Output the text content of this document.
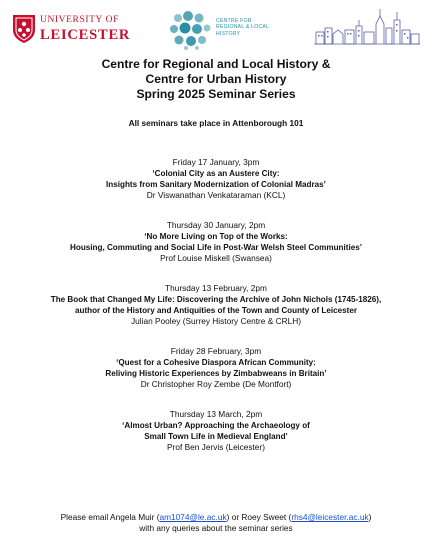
UNIVERSITY OF
LEICESTER
CENTRE FOR
REGIONAL & LOCAL
HISTORY
Centre for Regional and Local History &
Centre for Urban History
Spring 2025 Seminar Series
All seminars take place in Attenborough 101
Friday 17 January, 3pm
‘Colonial City as an Austere City:
Insights from Sanitary Modernization of Colonial Madras’
Dr Viswanathan Venkataraman (KCL)
Thursday 30 January, 2pm
‘No More Living on Top of the Works:
Housing, Commuting and Social Life in Post-War Welsh Steel Communities’
Prof Louise Miskell (Swansea)
Thursday 13 February, 2pm
The Book that Changed My Life: Discovering the Archive of John Nichols (1745-1826),
author of the History and Antiquities of the Town and County of Leicester
Julian Pooley (Surrey History Centre & CRLH)
Friday 28 February, 3pm
‘Quest for a Cohesive Diaspora African Community:
Reliving Historic Experiences by Zimbabweans in Britain’
Dr Christopher Roy Zembe (De Montfort)
Thursday 13 March, 2pm
‘Almost Urban? Approaching the Archaeology of
Small Town Life in Medieval England’
Prof Ben Jervis (Leicester)
Please email Angela Muir (am1074@le.ac.uk) or Roey Sweet (rhs4@leicester.ac.uk)
with any queries about the seminar series
